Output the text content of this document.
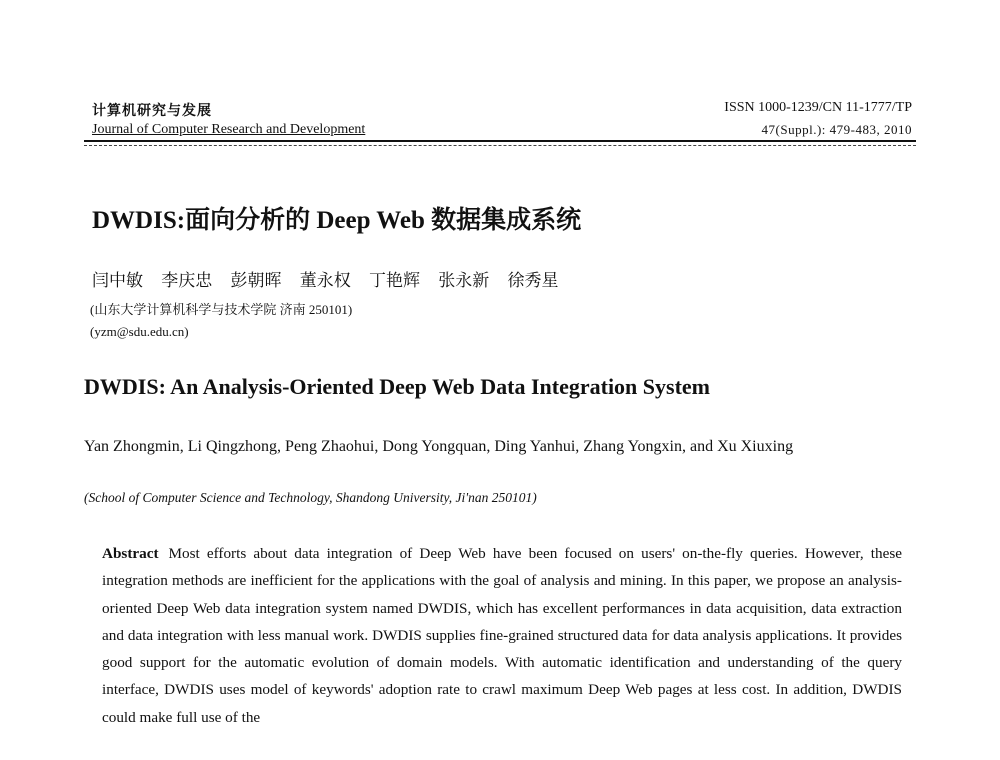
计算机研究与发展
Journal of Computer Research and Development
ISSN 1000-1239/CN 11-1777/TP
47(Suppl.): 479-483, 2010
DWDIS:面向分析的 Deep Web 数据集成系统
闫中敏 李庆忠 彭朝晖 董永权 丁艳辉 张永新 徐秀星
(山东大学计算机科学与技术学院 济南 250101)
(yzm@sdu.edu.cn)
DWDIS: An Analysis-Oriented Deep Web Data Integration System
Yan Zhongmin, Li Qingzhong, Peng Zhaohui, Dong Yongquan, Ding Yanhui, Zhang Yongxin, and Xu Xiuxing
(School of Computer Science and Technology, Shandong University, Ji'nan 250101)
Abstract Most efforts about data integration of Deep Web have been focused on users' on-the-fly queries. However, these integration methods are inefficient for the applications with the goal of analysis and mining. In this paper, we propose an analysis-oriented Deep Web data integration system named DWDIS, which has excellent performances in data acquisition, data extraction and data integration with less manual work. DWDIS supplies fine-grained structured data for data analysis applications. It provides good support for the automatic evolution of domain models. With automatic identification and understanding of the query interface, DWDIS uses model of keywords' adoption rate to crawl maximum Deep Web pages at less cost. In addition, DWDIS could make full use of the
